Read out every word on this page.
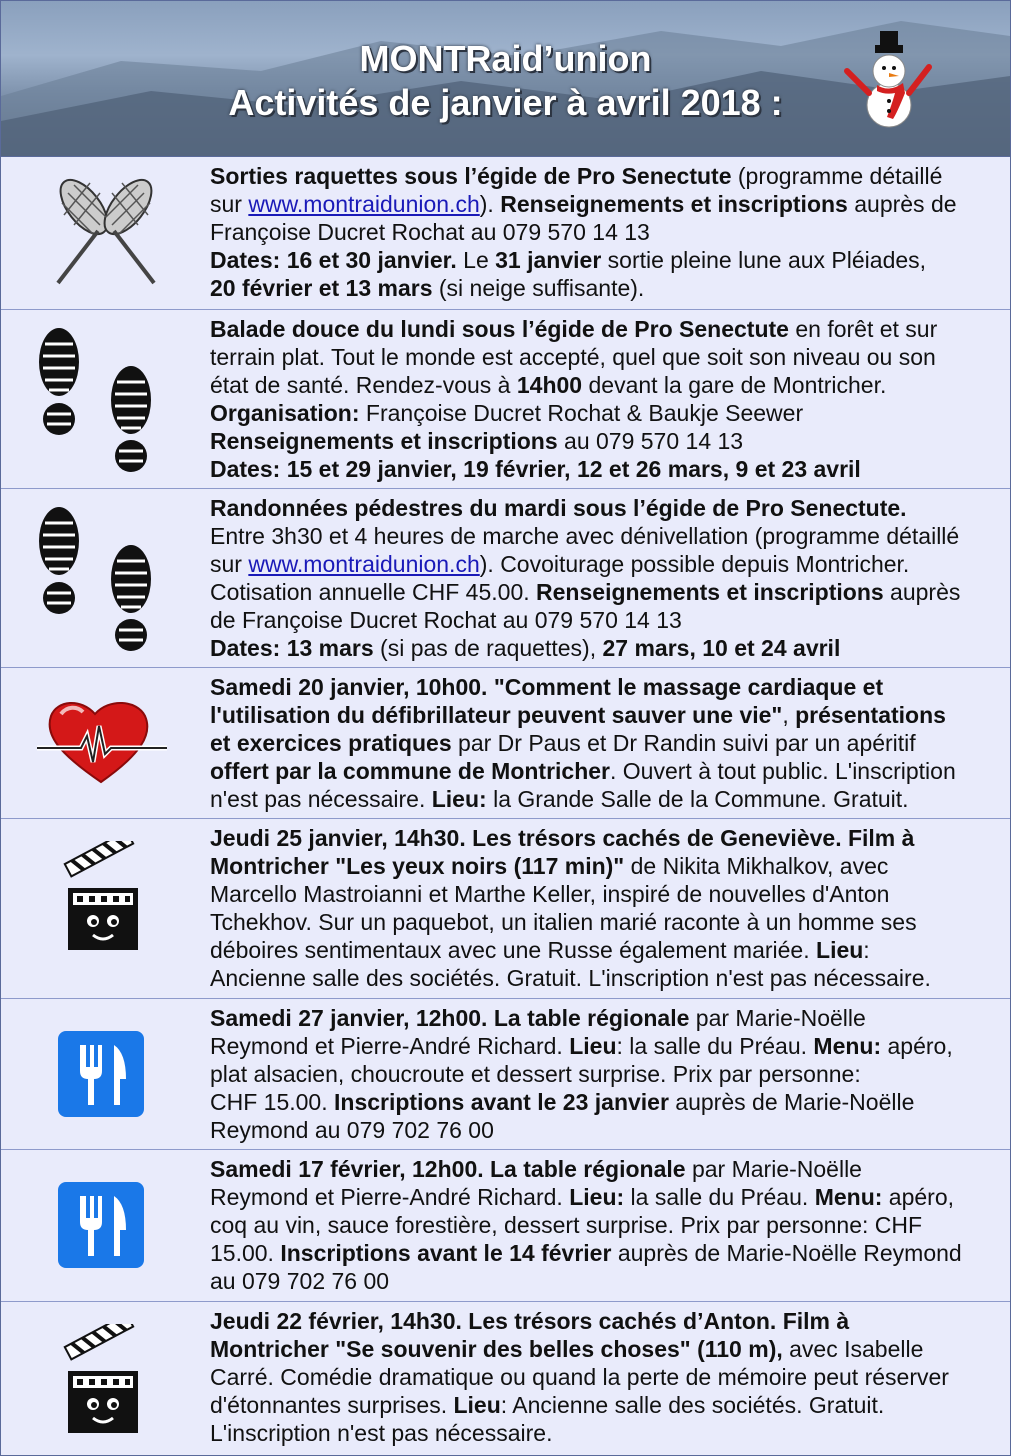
MONTRaid’union
Activités de janvier à avril 2018 :

Sorties raquettes sous l’égide de Pro Senectute (programme détaillé

sur www.montraidunion.ch). Renseignements et inscriptions auprès de

Françoise Ducret Rochat au 079 570 14 13

Dates: 16 et 30 janvier. Le 31 janvier sortie pleine lune aux Pléiades,

20 février et 13 mars (si neige suffisante).

Balade douce du lundi sous l’égide de Pro Senectute en forêt et sur

terrain plat. Tout le monde est accepté, quel que soit son niveau ou son

état de santé. Rendez-vous à 14h00 devant la gare de Montricher.

Organisation: Françoise Ducret Rochat & Baukje Seewer

Renseignements et inscriptions au 079 570 14 13

Dates: 15 et 29 janvier, 19 février, 12 et 26 mars, 9 et 23 avril

Randonnées pédestres du mardi sous l’égide de Pro Senectute.

Entre 3h30 et 4 heures de marche avec dénivellation (programme détaillé

sur www.montraidunion.ch). Covoiturage possible depuis Montricher.

Cotisation annuelle CHF 45.00. Renseignements et inscriptions auprès

de Françoise Ducret Rochat au 079 570 14 13

Dates: 13 mars (si pas de raquettes), 27 mars, 10 et 24 avril

Samedi 20 janvier, 10h00. "Comment le massage cardiaque et

l'utilisation du défibrillateur peuvent sauver une vie", présentations

et exercices pratiques par Dr Paus et Dr Randin suivi par un apéritif

offert par la commune de Montricher. Ouvert à tout public. L'inscription

n'est pas nécessaire. Lieu: la Grande Salle de la Commune. Gratuit.

Jeudi 25 janvier, 14h30. Les trésors cachés de Geneviève. Film à

Montricher "Les yeux noirs (117 min)" de Nikita Mikhalkov, avec

Marcello Mastroianni et Marthe Keller, inspiré de nouvelles d'Anton

Tchekhov. Sur un paquebot, un italien marié raconte à un homme ses

déboires sentimentaux avec une Russe également mariée. Lieu:

Ancienne salle des sociétés. Gratuit. L'inscription n'est pas nécessaire.

Samedi 27 janvier, 12h00. La table régionale par Marie-Noëlle

Reymond et Pierre-André Richard. Lieu: la salle du Préau. Menu: apéro,

plat alsacien, choucroute et dessert surprise. Prix par personne:

CHF 15.00. Inscriptions avant le 23 janvier auprès de Marie-Noëlle

Reymond au 079 702 76 00

Samedi 17 février, 12h00. La table régionale par Marie-Noëlle

Reymond et Pierre-André Richard. Lieu: la salle du Préau. Menu: apéro,

coq au vin, sauce forestière, dessert surprise. Prix par personne: CHF

15.00. Inscriptions avant le 14 février auprès de Marie-Noëlle Reymond

au 079 702 76 00

Jeudi 22 février, 14h30. Les trésors cachés d’Anton. Film à

Montricher "Se souvenir des belles choses" (110 m), avec Isabelle

Carré. Comédie dramatique ou quand la perte de mémoire peut réserver

d'étonnantes surprises. Lieu: Ancienne salle des sociétés. Gratuit.

L'inscription n'est pas nécessaire.
